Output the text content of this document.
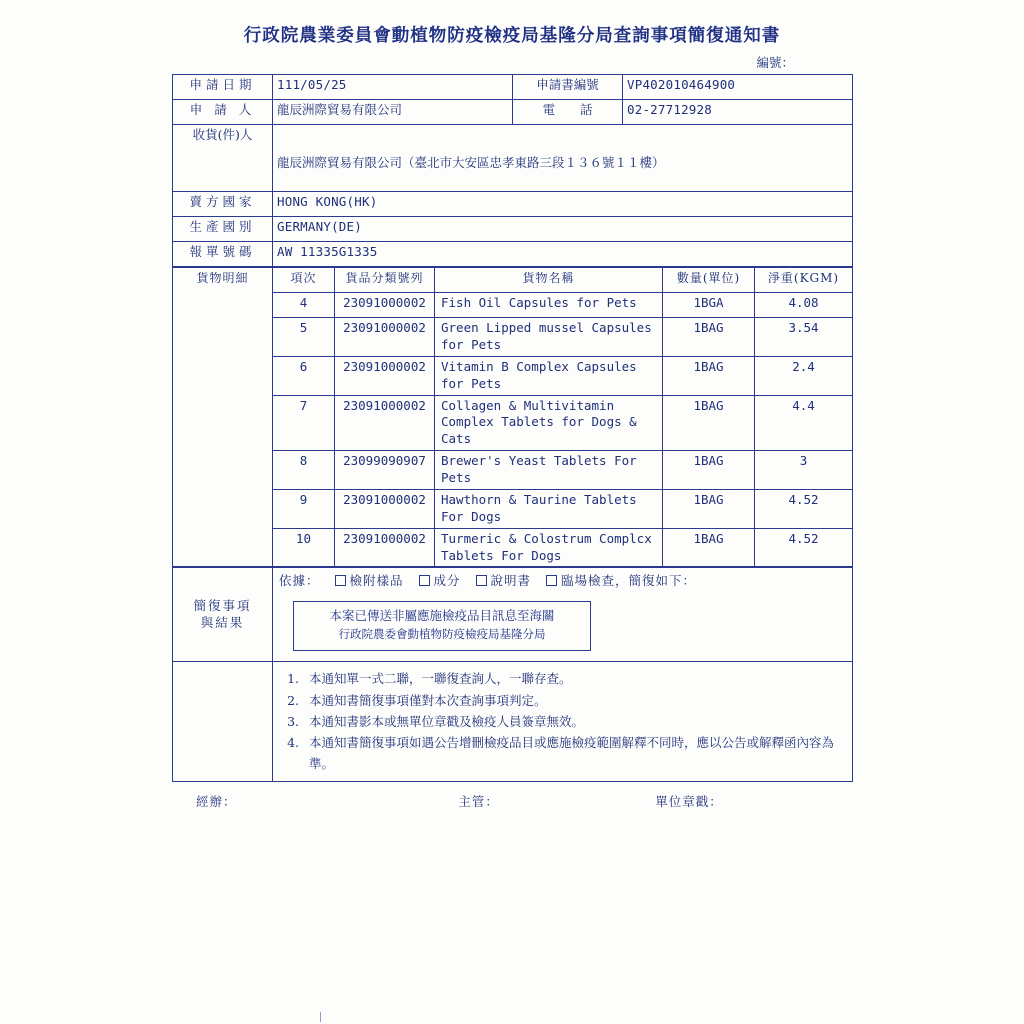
行政院農業委員會動植物防疫檢疫局基隆分局查詢事項簡復通知書
編號：
申請日期	111/05/25	申請書編號	VP402010464900
申 請 人	龍辰洲際貿易有限公司	電　　話	02-27712928
收貨(件)人			
	龍辰洲際貿易有限公司（臺北市大安區忠孝東路三段１３６號１１樓）		
賣方國家	HONG KONG(HK)		
生產國別	GERMANY(DE)		
報單號碼	AW 11335G1335		
貨物明細	項次	貨品分類號列	貨物名稱	數量(單位)	淨重(KGM)
	4	23091000002	Fish Oil Capsules for Pets	1BGA	4.08
	5	23091000002	Green Lipped mussel Capsules for Pets	1BAG	3.54
	6	23091000002	Vitamin B Complex Capsules for Pets	1BAG	2.4
	7	23091000002	Collagen & Multivitamin Complex Tablets for Dogs & Cats	1BAG	4.4
	8	23099090907	Brewer's Yeast Tablets For Pets	1BAG	3
	9	23091000002	Hawthorn & Taurine Tablets For Dogs	1BAG	4.52
	10	23091000002	Turmeric & Colostrum Complcx Tablets For Dogs	1BAG	4.52
簡復事項
與結果

依據： 檢附樣品 成分 說明書 臨場檢查，簡復如下：
本案已傳送非屬應施檢疫品目訊息至海關
行政院農委會動植物防疫檢疫局基隆分局

1. 本通知單一式二聯，一聯復查詢人，一聯存查。
2. 本通知書簡復事項僅對本次查詢事項判定。
3. 本通知書影本或無單位章戳及檢疫人員簽章無效。
4. 本通知書簡復事項如遇公告增刪檢疫品目或應施檢疫範圍解釋不同時，應以公告或解釋函內容為準。
經辦：	主管：	單位章戳：
